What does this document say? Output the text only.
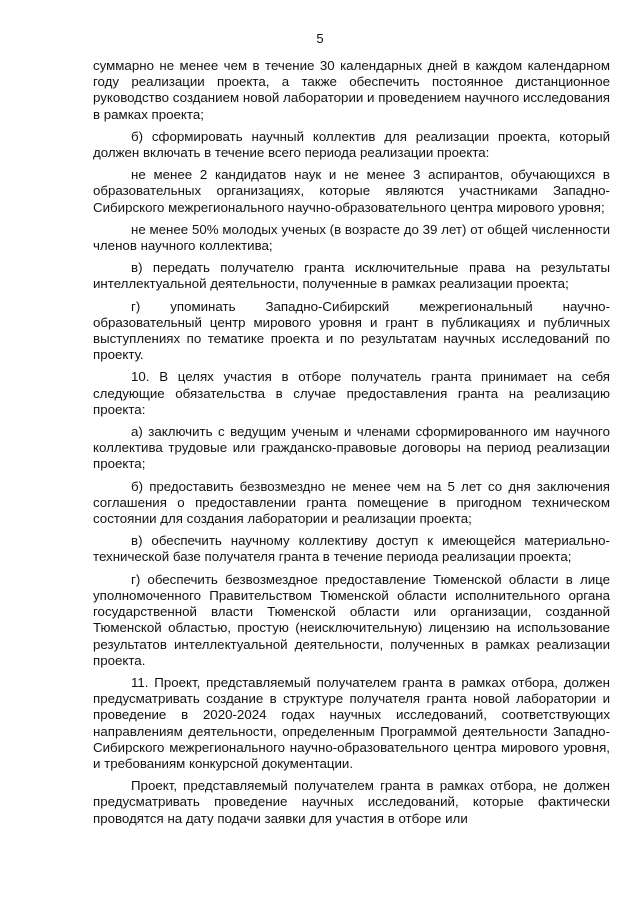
5

суммарно не менее чем в течение 30 календарных дней в каждом календарном году реализации проекта, а также обеспечить постоянное дистанционное руководство созданием новой лаборатории и проведением научного исследования в рамках проекта;

б) сформировать научный коллектив для реализации проекта, который должен включать в течение всего периода реализации проекта:

не менее 2 кандидатов наук и не менее 3 аспирантов, обучающихся в образовательных организациях, которые являются участниками Западно-Сибирского межрегионального научно-образовательного центра мирового уровня;

не менее 50% молодых ученых (в возрасте до 39 лет) от общей численности членов научного коллектива;

в) передать получателю гранта исключительные права на результаты интеллектуальной деятельности, полученные в рамках реализации проекта;

г) упоминать Западно-Сибирский межрегиональный научно-образовательный центр мирового уровня и грант в публикациях и публичных выступлениях по тематике проекта и по результатам научных исследований по проекту.

10. В целях участия в отборе получатель гранта принимает на себя следующие обязательства в случае предоставления гранта на реализацию проекта:

а) заключить с ведущим ученым и членами сформированного им научного коллектива трудовые или гражданско-правовые договоры на период реализации проекта;

б) предоставить безвозмездно не менее чем на 5 лет со дня заключения соглашения о предоставлении гранта помещение в пригодном техническом состоянии для создания лаборатории и реализации проекта;

в) обеспечить научному коллективу доступ к имеющейся материально-технической базе получателя гранта в течение периода реализации проекта;

г) обеспечить безвозмездное предоставление Тюменской области в лице уполномоченного Правительством Тюменской области исполнительного органа государственной власти Тюменской области или организации, созданной Тюменской областью, простую (неисключительную) лицензию на использование результатов интеллектуальной деятельности, полученных в рамках реализации проекта.

11. Проект, представляемый получателем гранта в рамках отбора, должен предусматривать создание в структуре получателя гранта новой лаборатории и проведение в 2020-2024 годах научных исследований, соответствующих направлениям деятельности, определенным Программой деятельности Западно-Сибирского межрегионального научно-образовательного центра мирового уровня, и требованиям конкурсной документации.

Проект, представляемый получателем гранта в рамках отбора, не должен предусматривать проведение научных исследований, которые фактически проводятся на дату подачи заявки для участия в отборе или
